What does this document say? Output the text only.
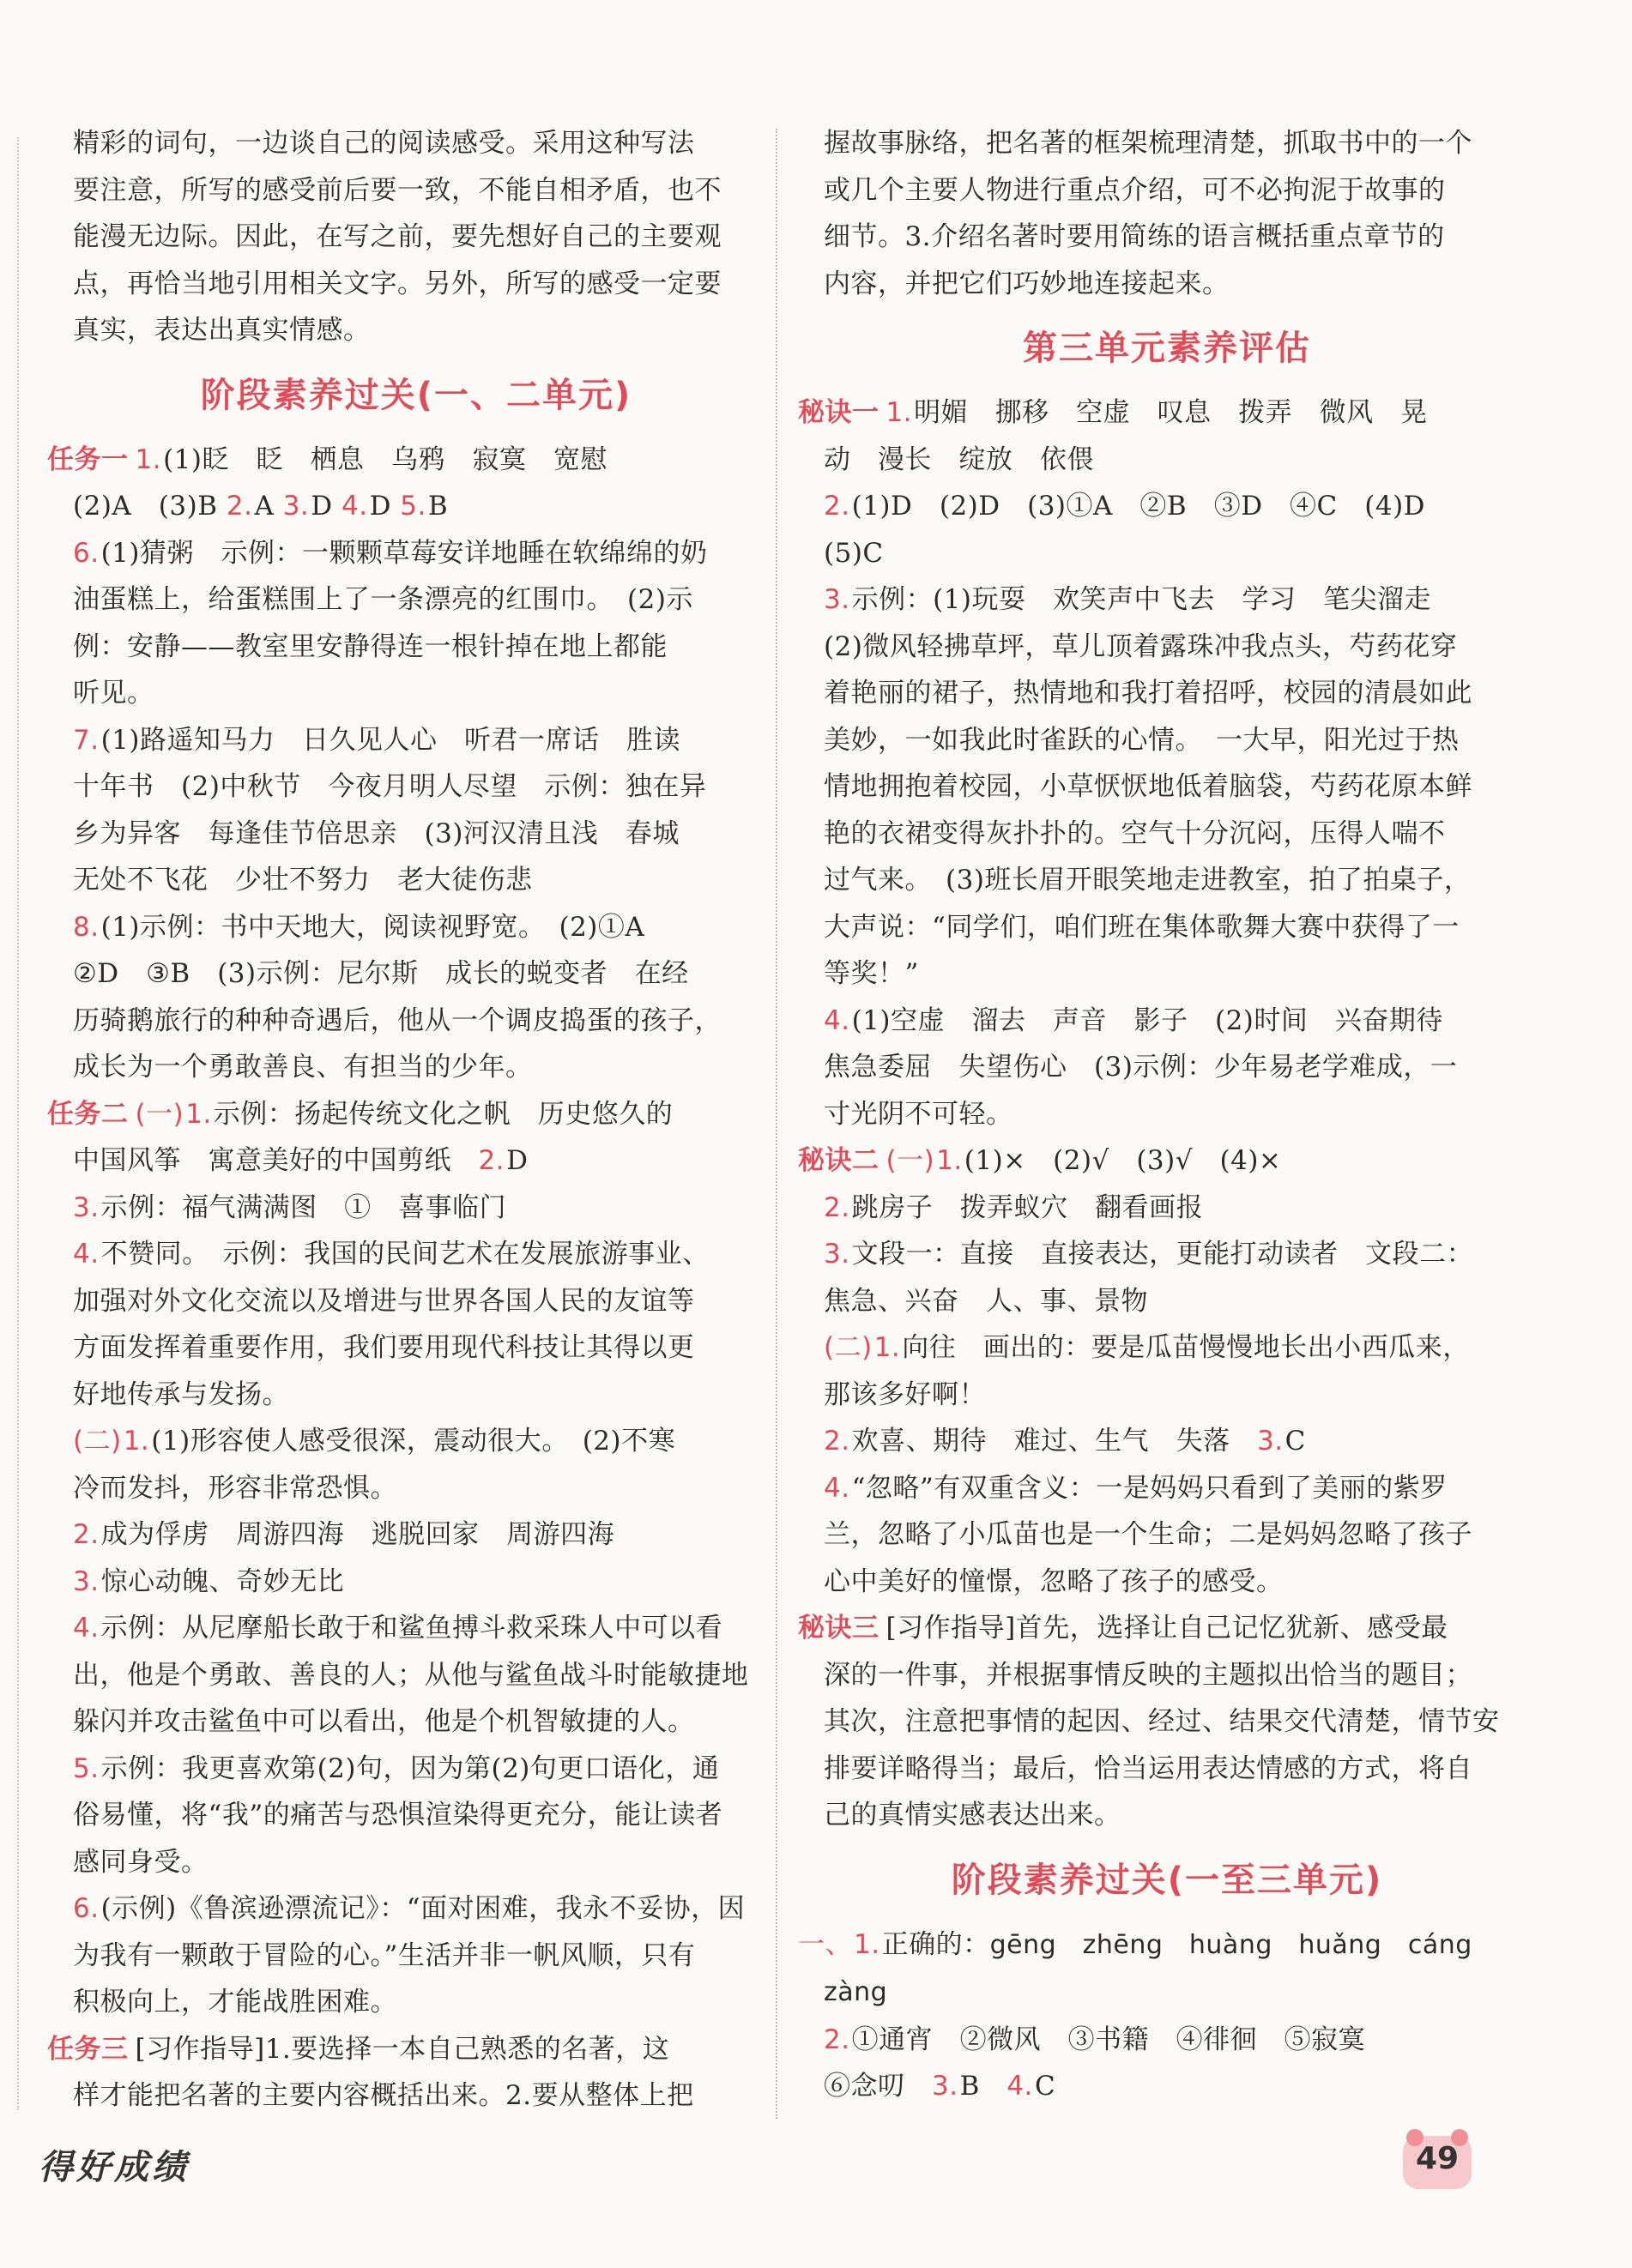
精彩的词句，一边谈自己的阅读感受。采用这种写法
要注意，所写的感受前后要一致，不能自相矛盾，也不
能漫无边际。因此，在写之前，要先想好自己的主要观
点，再恰当地引用相关文字。另外，所写的感受一定要
真实，表达出真实情感。
阶段素养过关(一、二单元)
任务一 1.(1)眨　眨　栖息　乌鸦　寂寞　宽慰
(2)A　(3)B 2.A 3.D 4.D 5.B
6.(1)猜粥　示例：一颗颗草莓安详地睡在软绵绵的奶
油蛋糕上，给蛋糕围上了一条漂亮的红围巾。　(2)示
例：安静——教室里安静得连一根针掉在地上都能
听见。
7.(1)路遥知马力　日久见人心　听君一席话　胜读
十年书　(2)中秋节　今夜月明人尽望　示例：独在异
乡为异客　每逢佳节倍思亲　(3)河汉清且浅　春城
无处不飞花　少壮不努力　老大徒伤悲
8.(1)示例：书中天地大，阅读视野宽。　(2)①A
②D　③B　(3)示例：尼尔斯　成长的蜕变者　在经
历骑鹅旅行的种种奇遇后，他从一个调皮捣蛋的孩子，
成长为一个勇敢善良、有担当的少年。
任务二 (一)1.示例：扬起传统文化之帆　历史悠久的
中国风筝　寓意美好的中国剪纸　 2.D
3.示例：福气满满图　①　喜事临门
4.不赞同。　示例：我国的民间艺术在发展旅游事业、
加强对外文化交流以及增进与世界各国人民的友谊等
方面发挥着重要作用，我们要用现代科技让其得以更
好地传承与发扬。
(二)1.(1)形容使人感受很深，震动很大。　(2)不寒
冷而发抖，形容非常恐惧。
2.成为俘虏　周游四海　逃脱回家　周游四海
3.惊心动魄、奇妙无比
4.示例：从尼摩船长敢于和鲨鱼搏斗救采珠人中可以看
出，他是个勇敢、善良的人；从他与鲨鱼战斗时能敏捷地
躲闪并攻击鲨鱼中可以看出，他是个机智敏捷的人。
5.示例：我更喜欢第(2)句，因为第(2)句更口语化，通
俗易懂，将“我”的痛苦与恐惧渲染得更充分，能让读者
感同身受。
6.(示例)《鲁滨逊漂流记》：“面对困难，我永不妥协，因
为我有一颗敢于冒险的心。”生活并非一帆风顺，只有
积极向上，才能战胜困难。
任务三 [习作指导]1.要选择一本自己熟悉的名著，这
样才能把名著的主要内容概括出来。2.要从整体上把
握故事脉络，把名著的框架梳理清楚，抓取书中的一个
或几个主要人物进行重点介绍，可不必拘泥于故事的
细节。3.介绍名著时要用简练的语言概括重点章节的
内容，并把它们巧妙地连接起来。
第三单元素养评估
秘诀一 1.明媚　挪移　空虚　叹息　拨弄　微风　晃
动　漫长　绽放　依偎
2.(1)D　(2)D　(3)①A　②B　③D　④C　(4)D
(5)C
3.示例：(1)玩耍　欢笑声中飞去　学习　笔尖溜走
(2)微风轻拂草坪，草儿顶着露珠冲我点头，芍药花穿
着艳丽的裙子，热情地和我打着招呼，校园的清晨如此
美妙，一如我此时雀跃的心情。　一大早，阳光过于热
情地拥抱着校园，小草恹恹地低着脑袋，芍药花原本鲜
艳的衣裙变得灰扑扑的。空气十分沉闷，压得人喘不
过气来。　(3)班长眉开眼笑地走进教室，拍了拍桌子，
大声说：“同学们，咱们班在集体歌舞大赛中获得了一
等奖！”
4.(1)空虚　溜去　声音　影子　(2)时间　兴奋期待
焦急委屈　失望伤心　(3)示例：少年易老学难成，一
寸光阴不可轻。
秘诀二 (一)1.(1)×　(2)√　(3)√　(4)×
2.跳房子　拨弄蚁穴　翻看画报
3.文段一：直接　直接表达，更能打动读者　文段二：
焦急、兴奋　人、事、景物
(二)1.向往　画出的：要是瓜苗慢慢地长出小西瓜来，
那该多好啊！
2.欢喜、期待　难过、生气　失落　 3.C
4.“忽略”有双重含义：一是妈妈只看到了美丽的紫罗
兰，忽略了小瓜苗也是一个生命；二是妈妈忽略了孩子
心中美好的憧憬，忽略了孩子的感受。
秘诀三 [习作指导]首先，选择让自己记忆犹新、感受最
深的一件事，并根据事情反映的主题拟出恰当的题目；
其次，注意把事情的起因、经过、结果交代清楚，情节安
排要详略得当；最后，恰当运用表达情感的方式，将自
己的真情实感表达出来。
阶段素养过关(一至三单元)
一、1.正确的：gēng　zhēng　huàng　huǎng　cáng
zàng
2.①通宵　②微风　③书籍　④徘徊　⑤寂寞
⑥念叨　 3.B　 4.C
得好成绩	49
